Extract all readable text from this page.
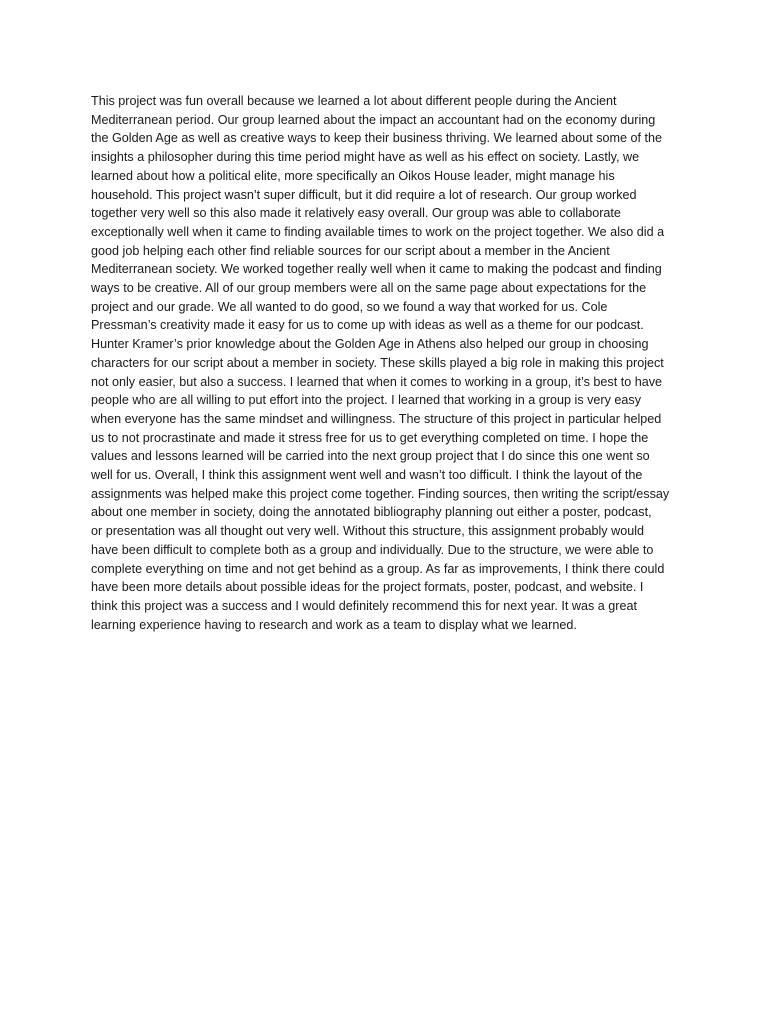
This project was fun overall because we learned a lot about different people during the Ancient
Mediterranean period. Our group learned about the impact an accountant had on the economy during
the Golden Age as well as creative ways to keep their business thriving. We learned about some of the
insights a philosopher during this time period might have as well as his effect on society. Lastly, we
learned about how a political elite, more specifically an Oikos House leader, might manage his
household. This project wasn’t super difficult, but it did require a lot of research. Our group worked
together very well so this also made it relatively easy overall. Our group was able to collaborate
exceptionally well when it came to finding available times to work on the project together. We also did a
good job helping each other find reliable sources for our script about a member in the Ancient
Mediterranean society. We worked together really well when it came to making the podcast and finding
ways to be creative. All of our group members were all on the same page about expectations for the
project and our grade. We all wanted to do good, so we found a way that worked for us. Cole
Pressman’s creativity made it easy for us to come up with ideas as well as a theme for our podcast.
Hunter Kramer’s prior knowledge about the Golden Age in Athens also helped our group in choosing
characters for our script about a member in society. These skills played a big role in making this project
not only easier, but also a success. I learned that when it comes to working in a group, it’s best to have
people who are all willing to put effort into the project. I learned that working in a group is very easy
when everyone has the same mindset and willingness. The structure of this project in particular helped
us to not procrastinate and made it stress free for us to get everything completed on time. I hope the
values and lessons learned will be carried into the next group project that I do since this one went so
well for us. Overall, I think this assignment went well and wasn’t too difficult. I think the layout of the
assignments was helped make this project come together. Finding sources, then writing the script/essay
about one member in society, doing the annotated bibliography planning out either a poster, podcast,
or presentation was all thought out very well. Without this structure, this assignment probably would
have been difficult to complete both as a group and individually. Due to the structure, we were able to
complete everything on time and not get behind as a group. As far as improvements, I think there could
have been more details about possible ideas for the project formats, poster, podcast, and website. I
think this project was a success and I would definitely recommend this for next year. It was a great
learning experience having to research and work as a team to display what we learned.
